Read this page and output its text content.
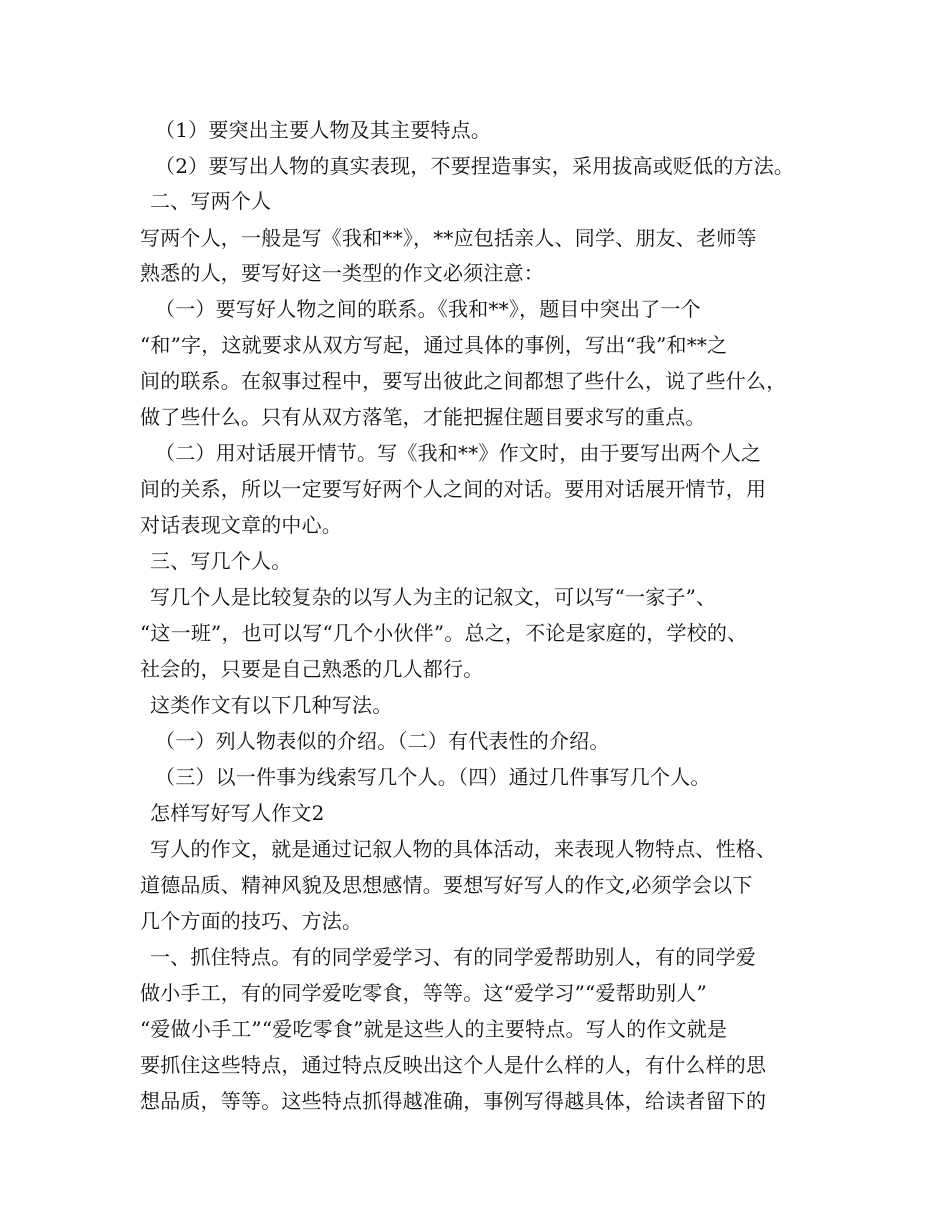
（1）要突出主要人物及其主要特点。
（2）要写出人物的真实表现，不要捏造事实，采用拔高或贬低的方法。
二、写两个人
写两个人，一般是写《我和**》，**应包括亲人、同学、朋友、老师等
熟悉的人，要写好这一类型的作文必须注意：
（一）要写好人物之间的联系。《我和**》，题目中突出了一个
“和”字，这就要求从双方写起，通过具体的事例，写出“我”和**之
间的联系。在叙事过程中，要写出彼此之间都想了些什么，说了些什么，
做了些什么。只有从双方落笔，才能把握住题目要求写的重点。
（二）用对话展开情节。写《我和**》作文时，由于要写出两个人之
间的关系，所以一定要写好两个人之间的对话。要用对话展开情节，用
对话表现文章的中心。
三、写几个人。
写几个人是比较复杂的以写人为主的记叙文，可以写“一家子”、
“这一班”，也可以写“几个小伙伴”。总之，不论是家庭的，学校的、
社会的，只要是自己熟悉的几人都行。
这类作文有以下几种写法。
（一）列人物表似的介绍。（二）有代表性的介绍。
（三）以一件事为线索写几个人。（四）通过几件事写几个人。
怎样写好写人作文2
写人的作文，就是通过记叙人物的具体活动，来表现人物特点、性格、
道德品质、精神风貌及思想感情。要想写好写人的作文,必须学会以下
几个方面的技巧、方法。
一、抓住特点。有的同学爱学习、有的同学爱帮助别人，有的同学爱
做小手工，有的同学爱吃零食，等等。这“爱学习”“爱帮助别人”
“爱做小手工”“爱吃零食”就是这些人的主要特点。写人的作文就是
要抓住这些特点，通过特点反映出这个人是什么样的人，有什么样的思
想品质，等等。这些特点抓得越准确，事例写得越具体，给读者留下的
